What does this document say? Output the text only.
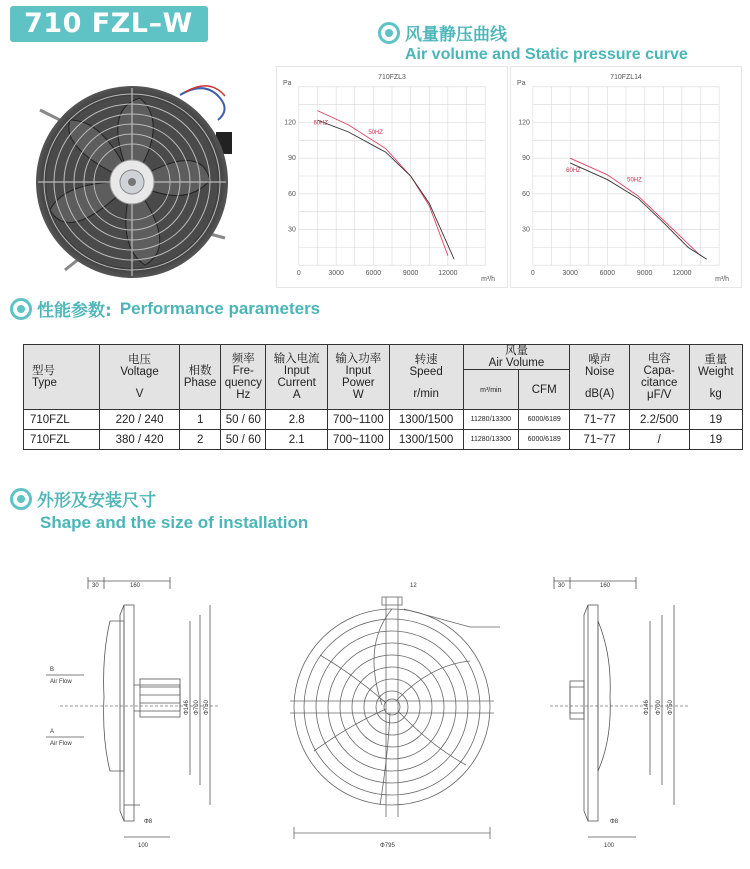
710 FZL–W	风量静压曲线
Air volume and Static pressure curve
710FZL3
Pa
m³/h
120
90
60
30
0	3000	6000	9000	12000
60HZ
50HZ
710FZL14
Pa
m³/h
120
90
60
30
0	3000	6000	9000	12000
60HZ
50HZ
性能参数: Performance parameters
型号
Type	电压
Voltage
V	相数
Phase	频率
Fre-
quency
Hz	输入电流
Input
Current
A	输入功率
Input
Power
W	转速
Speed
r/min	风量
Air Volume		噪声
Noise
dB(A)	电容
Capa-
citance
μF/V	重量
Weight
kg

							m³/min	CFM			
710FZL	220 / 240	1	50 / 60	2.8	700~1100	1300/1500	11280/13300	6000/6189	71~77	2.2/500	19
710FZL	380 / 420	2	50 / 60	2.1	700~1100	1300/1500	11280/13300	6000/6189	71~77	/	19
外形及安装尺寸
Shape and the size of installation
30	160
B
Air Flow
A
Air Flow
Φ146 Φ700 Φ750
Φ8
100
12
Φ795
30	160
Φ146 Φ700 Φ750
Φ8
100
